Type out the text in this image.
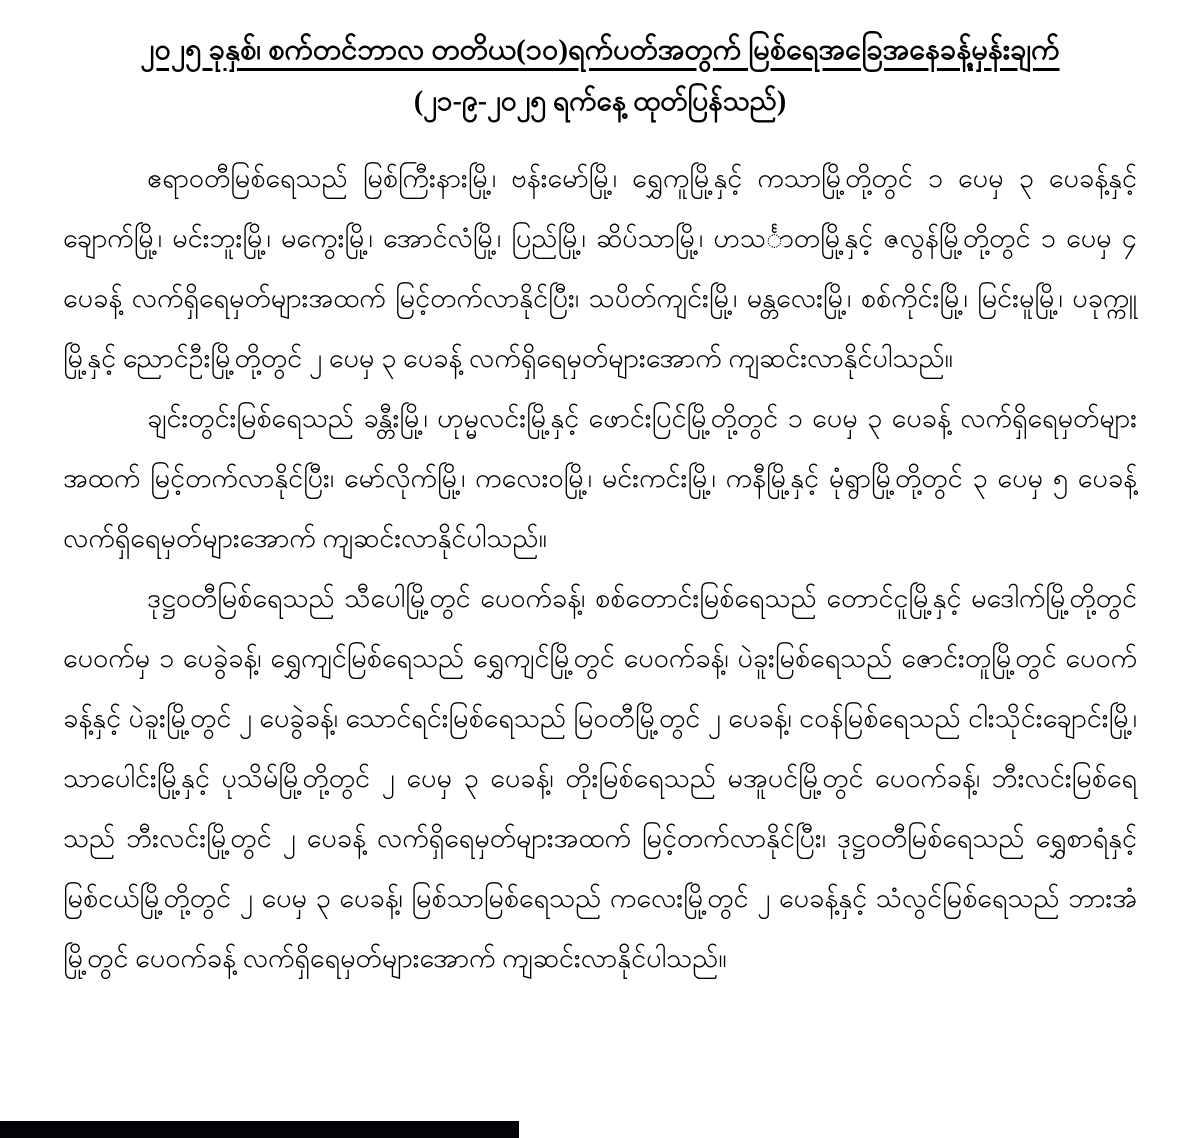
၂၀၂၅ ခုနှစ်၊ စက်တင်ဘာလ တတိယ(၁၀)ရက်ပတ်အတွက် မြစ်ရေအခြေအနေခန့်မှန်းချက်
(၂၁-၉-၂၀၂၅ ရက်နေ့ ထုတ်ပြန်သည်)

ဧရာဝတီမြစ်ရေသည် မြစ်ကြီးနားမြို့၊ ဗန်းမော်မြို့၊ ရွှေကူမြို့နှင့် ကသာမြို့တို့တွင် ၁ ပေမှ ၃ ပေခန့်နှင့် ချောက်မြို့၊ မင်းဘူးမြို့၊ မကွေးမြို့၊ အောင်လံမြို့၊ ပြည်မြို့၊ ဆိပ်သာမြို့၊ ဟသင်္ာတမြို့နှင့် ဇလွန်မြို့တို့တွင် ၁ ပေမှ ၄ ပေခန့် လက်ရှိရေမှတ်များအထက် မြင့်တက်လာနိုင်ပြီး၊ သပိတ်ကျင်းမြို့၊ မန္တလေးမြို့၊ စစ်ကိုင်းမြို့၊ မြင်းမူမြို့၊ ပခုက္ကူမြို့နှင့် ညောင်ဦးမြို့တို့တွင် ၂ ပေမှ ၃ ပေခန့် လက်ရှိရေမှတ်များအောက် ကျဆင်းလာနိုင်ပါသည်။

ချင်းတွင်းမြစ်ရေသည် ခန္တီးမြို့၊ ဟုမ္မလင်းမြို့နှင့် ဖောင်းပြင်မြို့တို့တွင် ၁ ပေမှ ၃ ပေခန့် လက်ရှိရေမှတ်များအထက် မြင့်တက်လာနိုင်ပြီး၊ မော်လိုက်မြို့၊ ကလေးဝမြို့၊ မင်းကင်းမြို့၊ ကနီမြို့နှင့် မုံရွာမြို့တို့တွင် ၃ ပေမှ ၅ ပေခန့် လက်ရှိရေမှတ်များအောက် ကျဆင်းလာနိုင်ပါသည်။

ဒုဋ္ဌဝတီမြစ်ရေသည် သီပေါမြို့တွင် ပေဝက်ခန့်၊ စစ်တောင်းမြစ်ရေသည် တောင်ငူမြို့နှင့် မဒေါက်မြို့တို့တွင် ပေဝက်မှ ၁ ပေခွဲခန့်၊ ရွှေကျင်မြစ်ရေသည် ရွှေကျင်မြို့တွင် ပေဝက်ခန့်၊ ပဲခူးမြစ်ရေသည် ဇောင်းတူမြို့တွင် ပေဝက်ခန့်နှင့် ပဲခူးမြို့တွင် ၂ ပေခွဲခန့်၊ သောင်ရင်းမြစ်ရေသည် မြဝတီမြို့တွင် ၂ ပေခန့်၊ ငဝန်မြစ်ရေသည် ငါးသိုင်းချောင်းမြို့၊ သာပေါင်းမြို့နှင့် ပုသိမ်မြို့တို့တွင် ၂ ပေမှ ၃ ပေခန့်၊ တိုးမြစ်ရေသည် မအူပင်မြို့တွင် ပေဝက်ခန့်၊ ဘီးလင်းမြစ်ရေသည် ဘီးလင်းမြို့တွင် ၂ ပေခန့် လက်ရှိရေမှတ်များအထက် မြင့်တက်လာနိုင်ပြီး၊ ဒုဋ္ဌဝတီမြစ်ရေသည် ရွှေစာရံနှင့် မြစ်ငယ်မြို့တို့တွင် ၂ ပေမှ ၃ ပေခန့်၊ မြစ်သာမြစ်ရေသည် ကလေးမြို့တွင် ၂ ပေခန့်နှင့် သံလွင်မြစ်ရေသည် ဘားအံမြို့တွင် ပေဝက်ခန့် လက်ရှိရေမှတ်များအောက် ကျဆင်းလာနိုင်ပါသည်။
